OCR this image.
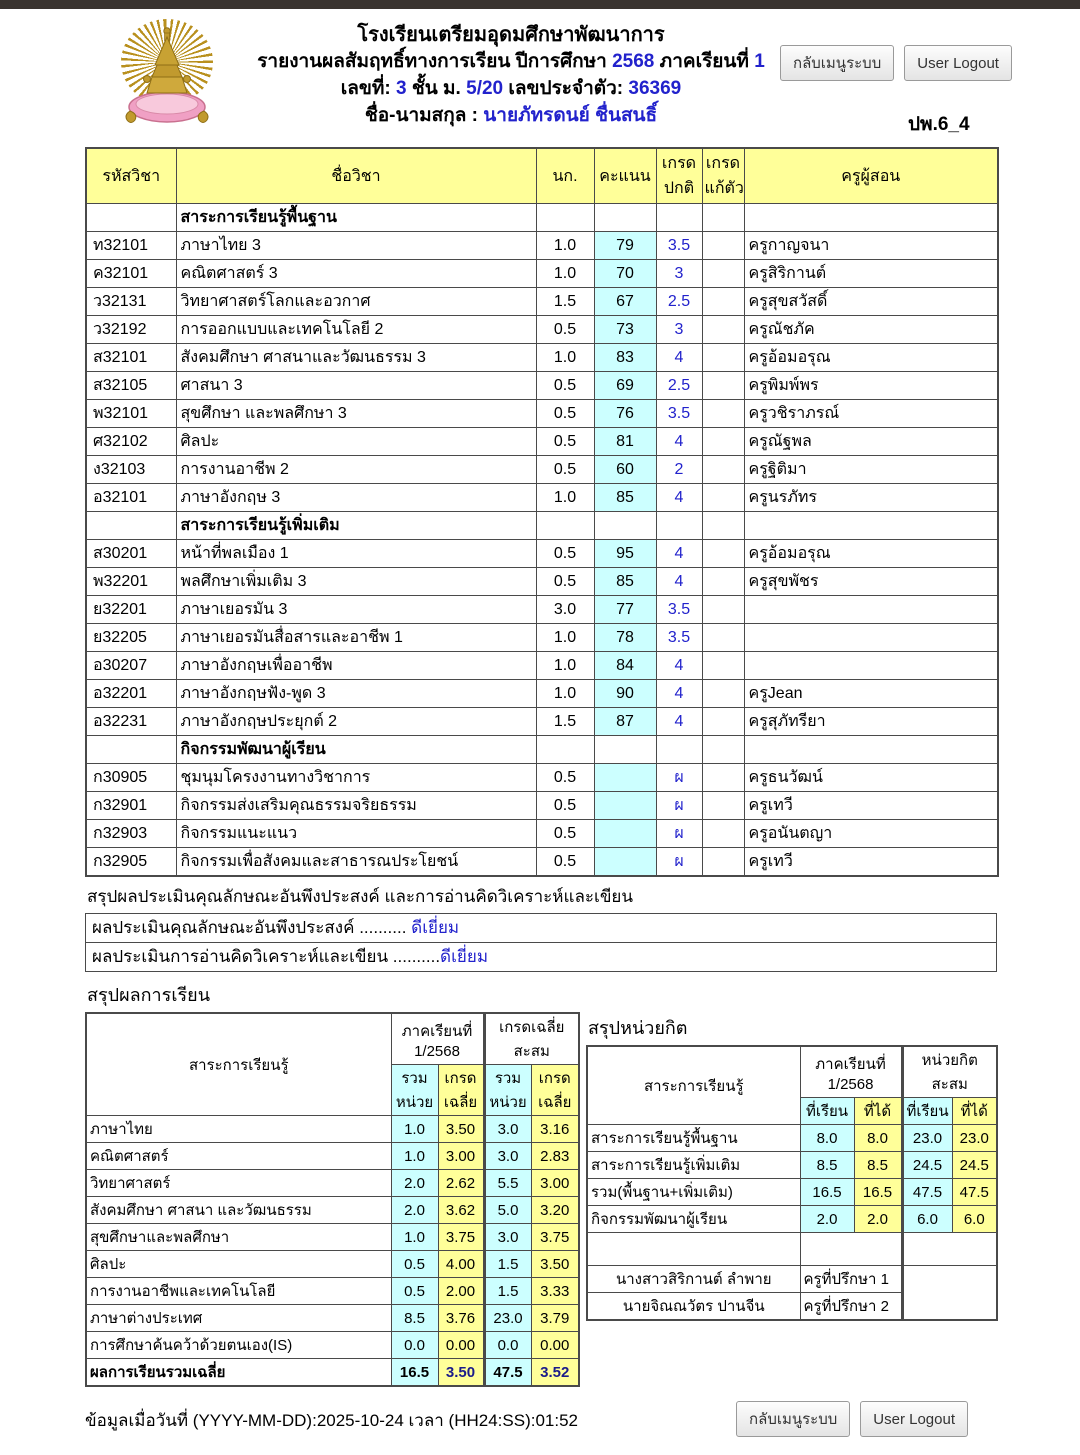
โรงเรียนเตรียมอุดมศึกษาพัฒนาการ
รายงานผลสัมฤทธิ์ทางการเรียน ปีการศึกษา 2568 ภาคเรียนที่ 1
เลขที่: 3 ชั้น ม. 5/20 เลขประจำตัว: 36369
ชื่อ-นามสกุล : นายภัทรดนย์ ชื่นสนธิ์
กลับเมนูระบบ	User Logout
ปพ.6_4
รหัสวิชา	ชื่อวิชา	นก.	คะแนน	เกรด ปกติ	เกรด แก้ตัว	ครูผู้สอน
	สาระการเรียนรู้พื้นฐาน					
ท32101	ภาษาไทย 3	1.0	79	3.5		ครูกาญจนา
ค32101	คณิตศาสตร์ 3	1.0	70	3		ครูสิริกานต์
ว32131	วิทยาศาสตร์โลกและอวกาศ	1.5	67	2.5		ครูสุขสวัสดิ์
ว32192	การออกแบบและเทคโนโลยี 2	0.5	73	3		ครูณัชภัค
ส32101	สังคมศึกษา ศาสนาและวัฒนธรรม 3	1.0	83	4		ครูอ้อมอรุณ
ส32105	ศาสนา 3	0.5	69	2.5		ครูพิมพ์พร
พ32101	สุขศึกษา และพลศึกษา 3	0.5	76	3.5		ครูวชิราภรณ์
ศ32102	ศิลปะ	0.5	81	4		ครูณัฐพล
ง32103	การงานอาชีพ 2	0.5	60	2		ครูฐิติมา
อ32101	ภาษาอังกฤษ 3	1.0	85	4		ครูนรภัทร
	สาระการเรียนรู้เพิ่มเติม					
ส30201	หน้าที่พลเมือง 1	0.5	95	4		ครูอ้อมอรุณ
พ32201	พลศึกษาเพิ่มเติม 3	0.5	85	4		ครูสุขพัชร
ย32201	ภาษาเยอรมัน 3	3.0	77	3.5		
ย32205	ภาษาเยอรมันสื่อสารและอาชีพ 1	1.0	78	3.5		
อ30207	ภาษาอังกฤษเพื่ออาชีพ	1.0	84	4		
อ32201	ภาษาอังกฤษฟัง-พูด 3	1.0	90	4		ครูJean
อ32231	ภาษาอังกฤษประยุกต์ 2	1.5	87	4		ครูสุภัทรียา
	กิจกรรมพัฒนาผู้เรียน					
ก30905	ชุมนุมโครงงานทางวิชาการ	0.5		ผ		ครูธนวัฒน์
ก32901	กิจกรรมส่งเสริมคุณธรรมจริยธรรม	0.5		ผ		ครูเทวี
ก32903	กิจกรรมแนะแนว	0.5		ผ		ครูอนันตญา
ก32905	กิจกรรมเพื่อสังคมและสาธารณประโยชน์	0.5		ผ		ครูเทวี
สรุปผลประเมินคุณลักษณะอันพึงประสงค์ และการอ่านคิดวิเคราะห์และเขียน
ผลประเมินคุณลักษณะอันพึงประสงค์ .......... ดีเยี่ยม
ผลประเมินการอ่านคิดวิเคราะห์และเขียน ..........ดีเยี่ยม
สรุปผลการเรียน
สาระการเรียนรู้	ภาคเรียนที่ 1/2568		เกรดเฉลี่ย สะสม	
	รวม หน่วย	เกรด เฉลี่ย	รวม หน่วย	เกรด เฉลี่ย
ภาษาไทย	1.0	3.50	3.0	3.16
คณิตศาสตร์	1.0	3.00	3.0	2.83
วิทยาศาสตร์	2.0	2.62	5.5	3.00
สังคมศึกษา ศาสนา และวัฒนธรรม	2.0	3.62	5.0	3.20
สุขศึกษาและพลศึกษา	1.0	3.75	3.0	3.75
ศิลปะ	0.5	4.00	1.5	3.50
การงานอาชีพและเทคโนโลยี	0.5	2.00	1.5	3.33
ภาษาต่างประเทศ	8.5	3.76	23.0	3.79
การศึกษาค้นคว้าด้วยตนเอง(IS)	0.0	0.00	0.0	0.00
ผลการเรียนรวมเฉลี่ย	16.5	3.50	47.5	3.52
สรุปหน่วยกิต
สาระการเรียนรู้	ภาคเรียนที่ 1/2568		หน่วยกิตสะสม	
	ที่เรียน	ที่ได้	ที่เรียน	ที่ได้
สาระการเรียนรู้พื้นฐาน	8.0	8.0	23.0	23.0
สาระการเรียนรู้เพิ่มเติม	8.5	8.5	24.5	24.5
รวม(พื้นฐาน+เพิ่มเติม)	16.5	16.5	47.5	47.5
กิจกรรมพัฒนาผู้เรียน	2.0	2.0	6.0	6.0

นางสาวสิริกานต์ ลำพาย	ครูที่ปรึกษา 1			
นายจิณณวัตร ปานจีน	ครูที่ปรึกษา 2			
ข้อมูลเมื่อวันที่ (YYYY-MM-DD):2025-10-24 เวลา (HH24:SS):01:52	กลับเมนูระบบ	User Logout
